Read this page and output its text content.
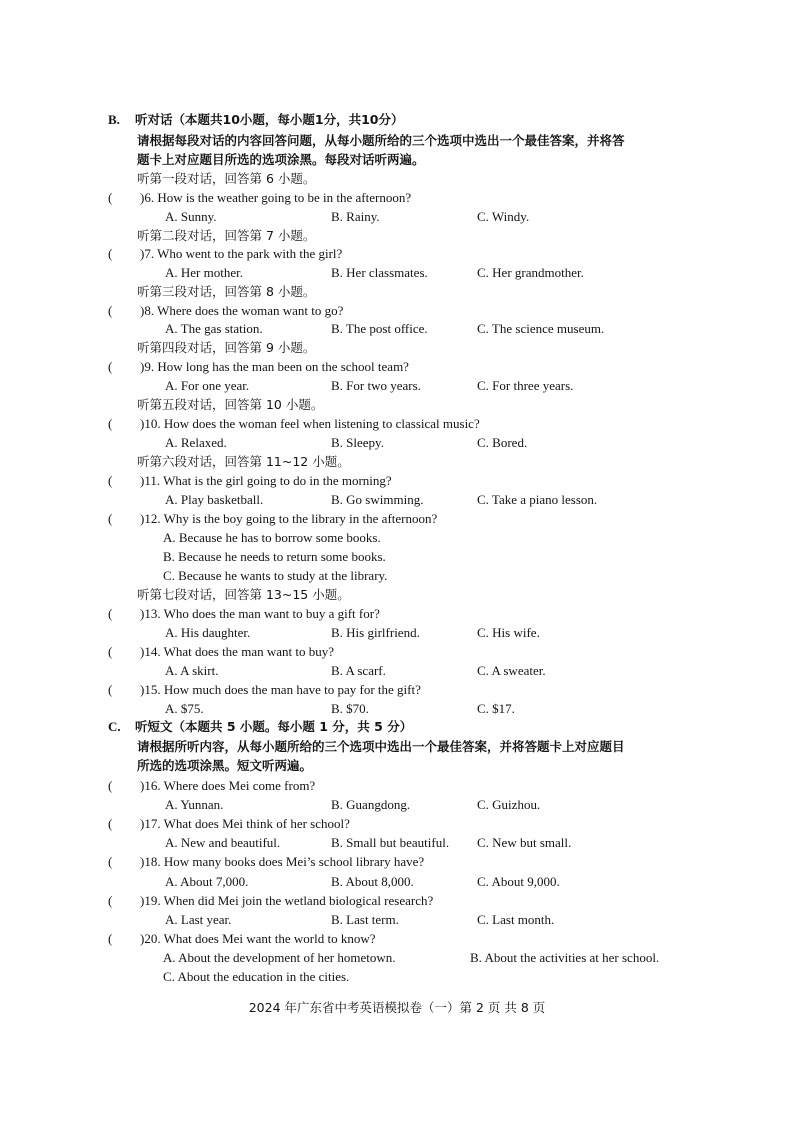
B. 听对话（本题共10小题，每小题1分，共10分）
请根据每段对话的内容回答问题，从每小题所给的三个选项中选出一个最佳答案，并将答
题卡上对应题目所选的选项涂黑。每段对话听两遍。
听第一段对话，回答第 6 小题。
( )6. How is the weather going to be in the afternoon?
A. Sunny.	B. Rainy.	C. Windy.
听第二段对话，回答第 7 小题。
( )7. Who went to the park with the girl?
A. Her mother.	B. Her classmates.	C. Her grandmother.
听第三段对话，回答第 8 小题。
( )8. Where does the woman want to go?
A. The gas station.	B. The post office.	C. The science museum.
听第四段对话，回答第 9 小题。
( )9. How long has the man been on the school team?
A. For one year.	B. For two years.	C. For three years.
听第五段对话，回答第 10 小题。
( )10. How does the woman feel when listening to classical music?
A. Relaxed.	B. Sleepy.	C. Bored.
听第六段对话，回答第 11~12 小题。
( )11. What is the girl going to do in the morning?
A. Play basketball.	B. Go swimming.	C. Take a piano lesson.
( )12. Why is the boy going to the library in the afternoon?
A. Because he has to borrow some books.
B. Because he needs to return some books.
C. Because he wants to study at the library.
听第七段对话，回答第 13~15 小题。
( )13. Who does the man want to buy a gift for?
A. His daughter.	B. His girlfriend.	C. His wife.
( )14. What does the man want to buy?
A. A skirt.	B. A scarf.	C. A sweater.
( )15. How much does the man have to pay for the gift?
A. $75.	B. $70.	C. $17.
C. 听短文（本题共 5 小题。每小题 1 分，共 5 分）
请根据所听内容，从每小题所给的三个选项中选出一个最佳答案，并将答题卡上对应题目
所选的选项涂黑。短文听两遍。
( )16. Where does Mei come from?
A. Yunnan.	B. Guangdong.	C. Guizhou.
( )17. What does Mei think of her school?
A. New and beautiful.	B. Small but beautiful. C. New but small.
( )18. How many books does Mei’s school library have?
A. About 7,000.	B. About 8,000.	C. About 9,000.
( )19. When did Mei join the wetland biological research?
A. Last year.	B. Last term.	C. Last month.
( )20. What does Mei want the world to know?
A. About the development of her hometown.	B. About the activities at her school.
C. About the education in the cities.
2024 年广东省中考英语模拟卷（一）第 2 页 共 8 页
